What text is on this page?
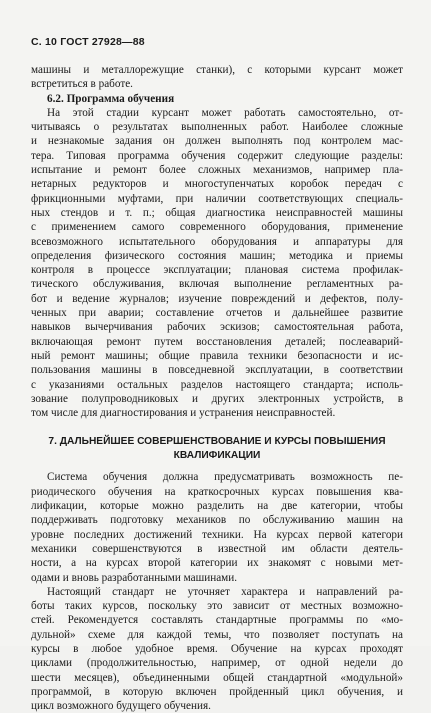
С. 10 ГОСТ 27928—88
машины и металлорежущие станки), с которыми курсант может
встретиться в работе.
6.2. Программа обучения
На этой стадии курсант может работать самостоятельно, от-
читываясь о результатах выполненных работ. Наиболее сложные
и незнакомые задания он должен выполнять под контролем мас-
тера. Типовая программа обучения содержит следующие разделы:
испытание и ремонт более сложных механизмов, например пла-
нетарных редукторов и многоступенчатых коробок передач с
фрикционными муфтами, при наличии соответствующих специаль-
ных стендов и т. п.; общая диагностика неисправностей машины
с применением самого современного оборудования, применение
всевозможного испытательного оборудования и аппаратуры для
определения физического состояния машин; методика и приемы
контроля в процессе эксплуатации; плановая система профилак-
тического обслуживания, включая выполнение регламентных ра-
бот и ведение журналов; изучение повреждений и дефектов, полу-
ченных при аварии; составление отчетов и дальнейшее развитие
навыков вычерчивания рабочих эскизов; самостоятельная работа,
включающая ремонт путем восстановления деталей; послеаварий-
ный ремонт машины; общие правила техники безопасности и ис-
пользования машины в повседневной эксплуатации, в соответствии
с указаниями остальных разделов настоящего стандарта; исполь-
зование полупроводниковых и других электронных устройств, в
том числе для диагностирования и устранения неисправностей.
7. ДАЛЬНЕЙШЕЕ СОВЕРШЕНСТВОВАНИЕ И КУРСЫ ПОВЫШЕНИЯ
КВАЛИФИКАЦИИ
Система обучения должна предусматривать возможность пе-
риодического обучения на краткосрочных курсах повышения ква-
лификации, которые можно разделить на две категории, чтобы
поддерживать подготовку механиков по обслуживанию машин на
уровне последних достижений техники. На курсах первой категори
механики совершенствуются в известной им области деятель-
ности, а на курсах второй категории их знакомят с новыми мет-
одами и вновь разработанными машинами.
Настоящий стандарт не уточняет характера и направлений ра-
боты таких курсов, поскольку это зависит от местных возможно-
стей. Рекомендуется составлять стандартные программы по «мо-
дульной» схеме для каждой темы, что позволяет поступать на
курсы в любое удобное время. Обучение на курсах проходят
циклами (продолжительностью, например, от одной недели до
шести месяцев), объединенными общей стандартной «модульной»
программой, в которую включен пройденный цикл обучения, и
цикл возможного будущего обучения.
